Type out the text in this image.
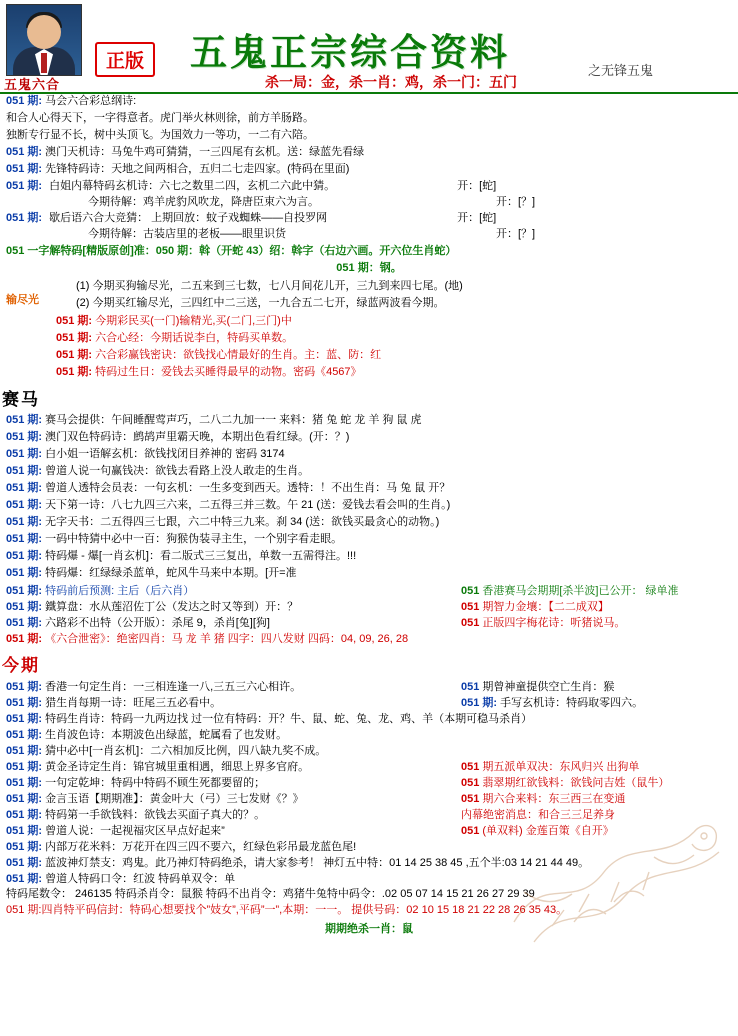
五鬼六合
正版 五鬼正宗综合资料	之无锋五鬼
杀一局：金，杀一肖：鸡，杀一门：五门
051 期: 马会六合彩总纲诗:
和合人心得天下，一字得意者。虎门举火林则徐，前方羊肠路。
独断专行显不长，树中头顶飞。为国效力一等功，一二有六陪。
051 期: 澳门天机诗：马兔牛鸡可猜猜，一三四尾有玄机。送：绿蓝先看绿
051 期: 先锋特码诗：天地之间两相合，五归二七走四家。(特码在里面)
051 期: 白姐内幕特码玄机诗：六七之数里二四，玄机二六此中猜。	开：[蛇]
今期待解：鸡羊虎豹风吹龙，降唐臣束六为言。	开：[？]
051 期: 歇后语六合大竞猜： 上期回放：蚊子戏蜘蛛——自投罗网	开：[蛇]
今期待解：古装店里的老板——眼里识货	开：[？]
051 一字解特码[精版原创]准：050 期：斡（开蛇 43）绍：斡字（右边六画。开六位生肖蛇）
051 期：钢。
输尽光
(1) 今期买狗输尽光，二五来到三七数，七八月间花儿开，三九到来四七尾。(地)
(2) 今期买红输尽光，三四红中二三送，一九合五二七开，绿蓝两波看今期。
051 期: 今期彩民买(一门)输精光,买(二门,三门)中
051 期: 六合心经：今期话说李白，特码买单数。
051 期: 六合彩赢钱密诀：欲钱找心情最好的生肖。主：蓝、防：红
051 期: 特码过生日：爱钱去买睡得最早的动物。密码《4567》
赛马
051 期: 赛马会提供：午间睡醒莺声巧，二八二九加一一 来料：猪 兔 蛇 龙 羊 狗 鼠 虎
051 期: 澳门双色特码诗：鹧鸪声里霸天晚，本期出色看红绿。(开：？)
051 期: 白小姐一语解玄机：欲钱找闭目养神的 密码 3174
051 期: 曾道人说一句赢钱决：欲钱去看路上没人敢走的生肖。
051 期: 曾道人透特会员表：一句玄机：一生多变到西天。透特：！不出生肖：马 兔 鼠 开？
051 期: 天下第一诗：八七九四三六来，二五得三并三数。午 21 (送：爱钱去看会叫的生肖。)
051 期: 无字天书：二五得四三七跟，六二中特三九来。刹 34 (送：欲钱买最贪心的动物。)
051 期: 一码中特猜中必中一百：狗猴伪装寻主生，一个别字看走眼。
051 期: 特码爆 - 爆[一肖玄机]：看二版式三三复出，单数一五需得注。!!!
051 期: 特码爆：红绿绿杀蓝单，蛇风牛马来中本期。[开=准
051 期: 特码前后预测: 主后（后六肖）	051 香港赛马会期期[杀半波]已公开： 绿单准
051 期: 鐵算盘：水从莲沼佐丁公（发达之时又等到）开：？	051 期智力金壤：【二二成双】
051 期: 六路彩不出特（公开版）：杀尾 9，杀肖[兔][狗]	051 正版四字梅花诗：听猪说马。
051 期: 《六合泄密》：绝密四肖：马 龙 羊 猪 四字：四八发财 四码：04, 09, 26, 28
今期
051 期: 香港一句定生肖：一三相连逢一八,三五三六心相许。	051 期曾神童提供空亡生肖：猴
051 期: 猎生肖每期一诗：旺尾三五必看中。	051 期: 手写玄机诗：特码取零四六。
051 期: 特码生肖诗：特码一九两边找 过一位有特码：开？牛、鼠、蛇、兔、龙、鸡、羊（本期可稳马杀肖）
051 期: 生肖波色诗：本期波色出绿蓝，蛇属看了也发财。
051 期: 猜中必中[一肖玄机]：二六相加反比例，四八缺九奖不成。
051 期: 黄金圣诗定生肖：锦官城里重相遇，细思上界多官府。	051 期五派单双决：东风归兴 出狗单
051 期: 一句定乾坤：特码中特码不顾生死都要留的；	051 翡翠期红欲钱料：欲钱问吉姓（鼠牛）
051 期: 金言玉语【期期准】：黄金叶大（弓）三七发财《？》	051 期六合来料：东三西三在变通
051 期: 特码第一手欲钱料：欲钱去买面子真大的？。	内幕绝密消息：和合三三足养身
051 期: 曾道人说：一起视福灾区早点好起来”	051 (单双料) 金莲百策《自开》
051 期: 内部万花米料：万花开在四三四不要六，红绿色彩吊最龙蓝色尾!
051 期: 蓝波神灯禁支：鸡鬼。此乃神灯特码绝杀，请大家参考！ 神灯五中特：01 14 25 38 45 ,五个半:03 14 21 44 49。
051 期: 曾道人特码口令：红波 特码单双令：单
特码尾数令： 246135 特码杀肖令：鼠猴 特码不出肖令：鸡猪牛兔特中码令：.02 05 07 14 15 21 26 27 29 39
051 期:四肖特平码信封：特码心想要找个”妓女”,平码”一”,本期：一一。 提供号码：02 10 15 18 21 22 28 26 35 43。
期期绝杀一肖：鼠
